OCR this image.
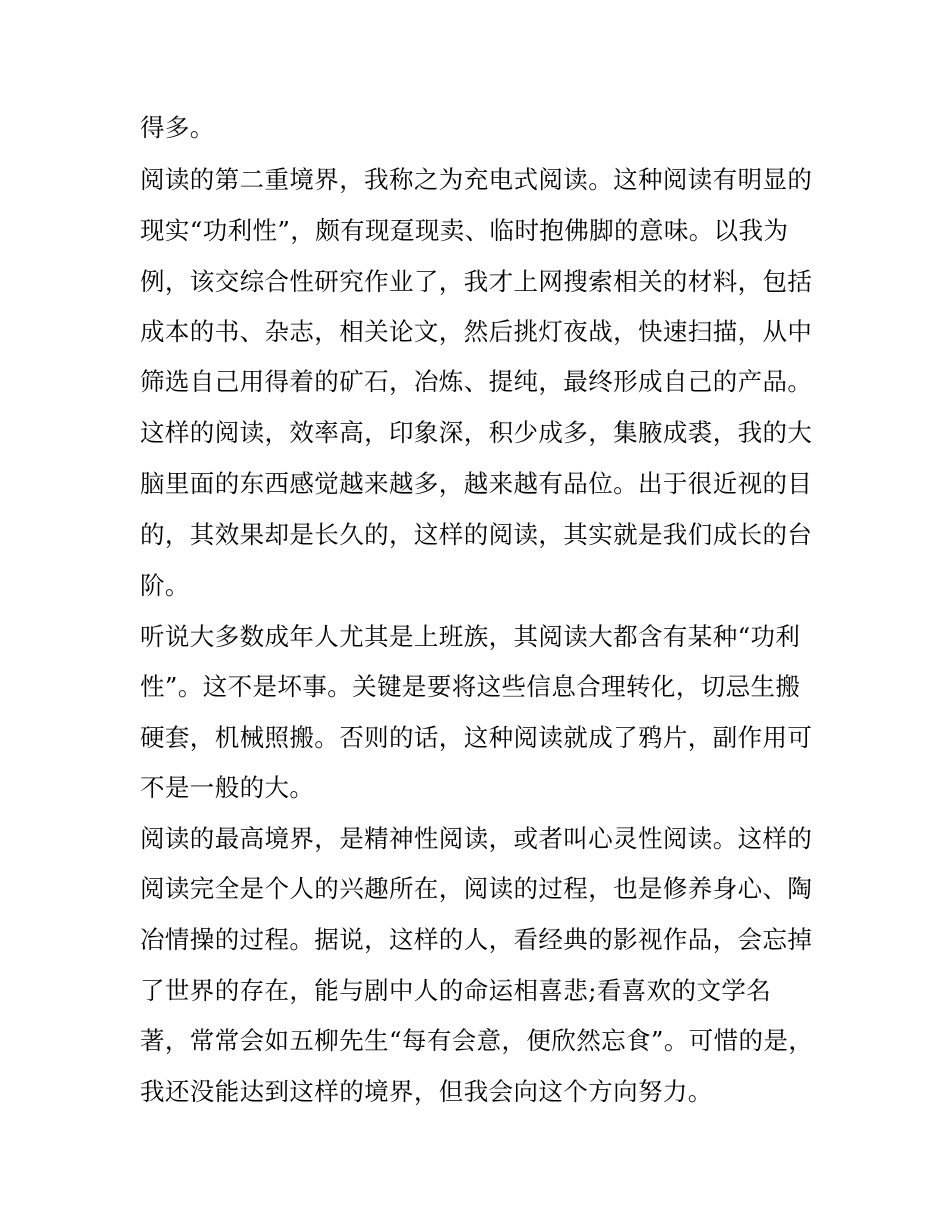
得多。
阅读的第二重境界，我称之为充电式阅读。这种阅读有明显的
现实“功利性”，颇有现趸现卖、临时抱佛脚的意味。以我为
例，该交综合性研究作业了，我才上网搜索相关的材料，包括
成本的书、杂志，相关论文，然后挑灯夜战，快速扫描，从中
筛选自己用得着的矿石，冶炼、提纯，最终形成自己的产品。
这样的阅读，效率高，印象深，积少成多，集腋成裘，我的大
脑里面的东西感觉越来越多，越来越有品位。出于很近视的目
的，其效果却是长久的，这样的阅读，其实就是我们成长的台
阶。
听说大多数成年人尤其是上班族，其阅读大都含有某种“功利
性”。这不是坏事。关键是要将这些信息合理转化，切忌生搬
硬套，机械照搬。否则的话，这种阅读就成了鸦片，副作用可
不是一般的大。
阅读的最高境界，是精神性阅读，或者叫心灵性阅读。这样的
阅读完全是个人的兴趣所在，阅读的过程，也是修养身心、陶
冶情操的过程。据说，这样的人，看经典的影视作品，会忘掉
了世界的存在，能与剧中人的命运相喜悲;看喜欢的文学名
著，常常会如五柳先生“每有会意，便欣然忘食”。可惜的是，
我还没能达到这样的境界，但我会向这个方向努力。
